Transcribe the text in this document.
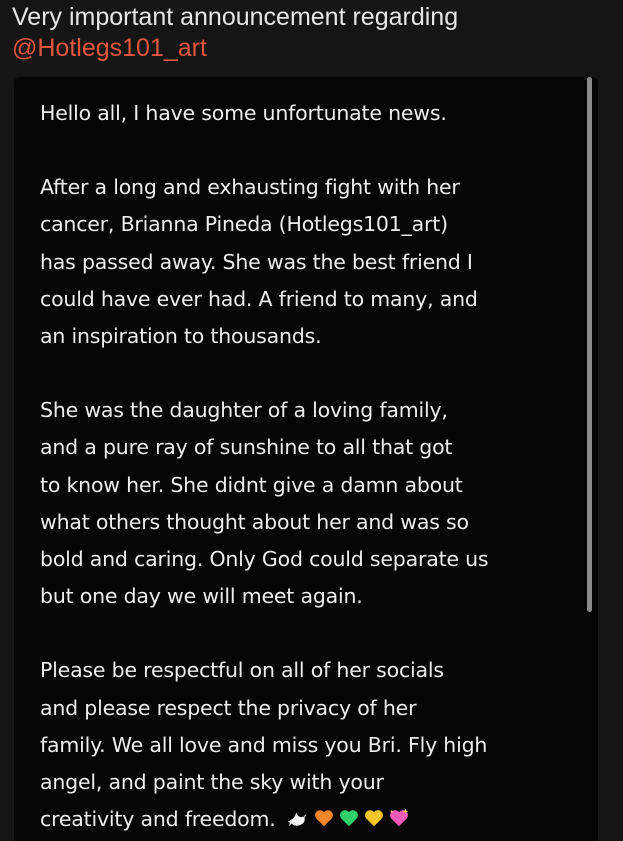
Very important announcement regarding
@Hotlegs101_art
Hello all, I have some unfortunate news.
After a long and exhausting fight with her
cancer, Brianna Pineda (Hotlegs101_art)
has passed away. She was the best friend I
could have ever had. A friend to many, and
an inspiration to thousands.
She was the daughter of a loving family,
and a pure ray of sunshine to all that got
to know her. She didnt give a damn about
what others thought about her and was so
bold and caring. Only God could separate us
but one day we will meet again.
Please be respectful on all of her socials
and please respect the privacy of her
family. We all love and miss you Bri. Fly high
angel, and paint the sky with your
creativity and freedom.
